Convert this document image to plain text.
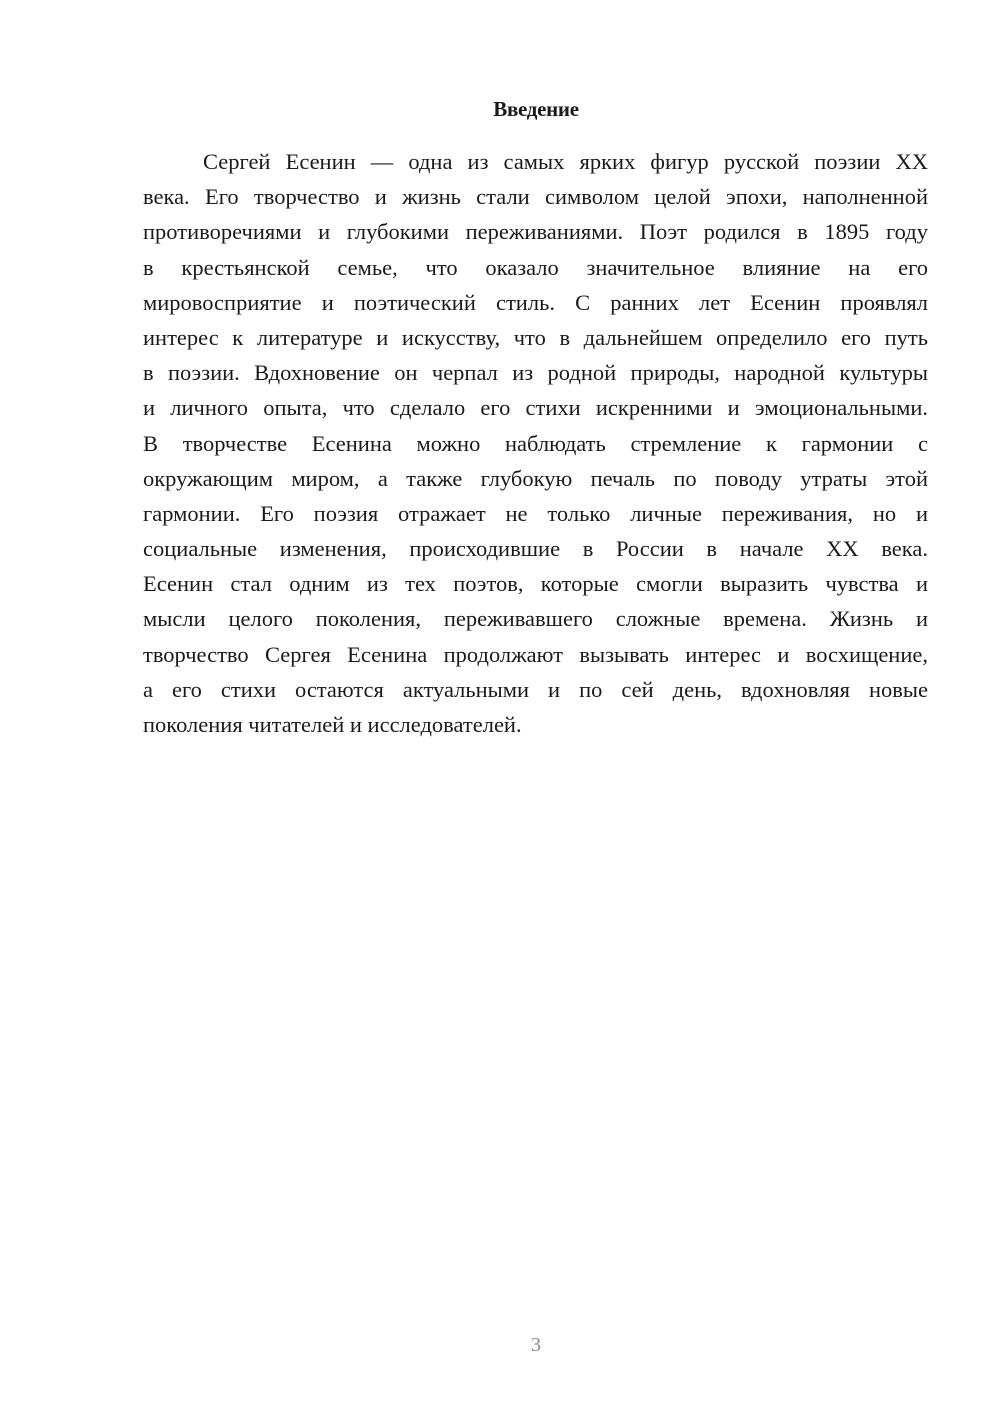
Введение
Сергей Есенин — одна из самых ярких фигур русской поэзии XX
века. Его творчество и жизнь стали символом целой эпохи, наполненной
противоречиями и глубокими переживаниями. Поэт родился в 1895 году
в крестьянской семье, что оказало значительное влияние на его
мировосприятие и поэтический стиль. С ранних лет Есенин проявлял
интерес к литературе и искусству, что в дальнейшем определило его путь
в поэзии. Вдохновение он черпал из родной природы, народной культуры
и личного опыта, что сделало его стихи искренними и эмоциональными.
В творчестве Есенина можно наблюдать стремление к гармонии с
окружающим миром, а также глубокую печаль по поводу утраты этой
гармонии. Его поэзия отражает не только личные переживания, но и
социальные изменения, происходившие в России в начале XX века.
Есенин стал одним из тех поэтов, которые смогли выразить чувства и
мысли целого поколения, переживавшего сложные времена. Жизнь и
творчество Сергея Есенина продолжают вызывать интерес и восхищение,
а его стихи остаются актуальными и по сей день, вдохновляя новые
поколения читателей и исследователей.
3
